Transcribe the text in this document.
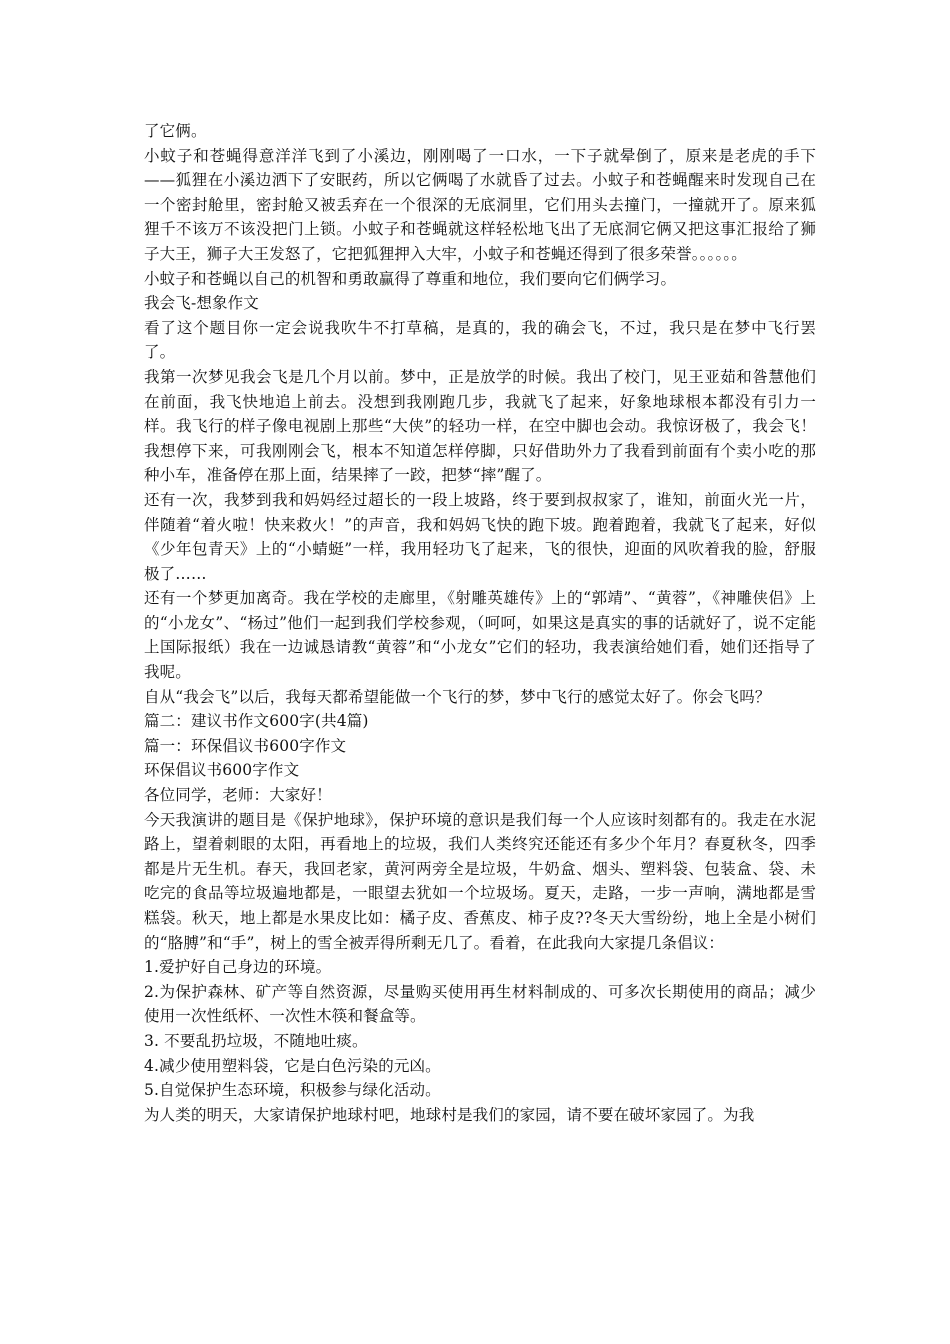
了它俩。

小蚊子和苍蝇得意洋洋飞到了小溪边，刚刚喝了一口水，一下子就晕倒了，原来是老虎的手下——狐狸在小溪边洒下了安眠药，所以它俩喝了水就昏了过去。小蚊子和苍蝇醒来时发现自己在一个密封舱里，密封舱又被丢弃在一个很深的无底洞里，它们用头去撞门，一撞就开了。原来狐狸千不该万不该没把门上锁。小蚊子和苍蝇就这样轻松地飞出了无底洞它俩又把这事汇报给了狮子大王，狮子大王发怒了，它把狐狸押入大牢，小蚊子和苍蝇还得到了很多荣誉。。。。。。

小蚊子和苍蝇以自己的机智和勇敢赢得了尊重和地位，我们要向它们俩学习。

我会飞-想象作文

看了这个题目你一定会说我吹牛不打草稿，是真的，我的确会飞，不过，我只是在梦中飞行罢了。

我第一次梦见我会飞是几个月以前。梦中，正是放学的时候。我出了校门，见王亚茹和昝慧他们在前面，我飞快地追上前去。没想到我刚跑几步，我就飞了起来，好象地球根本都没有引力一样。我飞行的样子像电视剧上那些“大侠”的轻功一样，在空中脚也会动。我惊讶极了，我会飞！我想停下来，可我刚刚会飞，根本不知道怎样停脚，只好借助外力了我看到前面有个卖小吃的那种小车，准备停在那上面，结果摔了一跤，把梦“摔”醒了。

还有一次，我梦到我和妈妈经过超长的一段上坡路，终于要到叔叔家了，谁知，前面火光一片，伴随着“着火啦！快来救火！”的声音，我和妈妈飞快的跑下坡。跑着跑着，我就飞了起来，好似《少年包青天》上的“小蜻蜓”一样，我用轻功飞了起来，飞的很快，迎面的风吹着我的脸，舒服极了……

还有一个梦更加离奇。我在学校的走廊里，《射雕英雄传》上的“郭靖”、“黄蓉”，《神雕侠侣》上的“小龙女”、“杨过”他们一起到我们学校参观，（呵呵，如果这是真实的事的话就好了，说不定能上国际报纸）我在一边诚恳请教“黄蓉”和“小龙女”它们的轻功，我表演给她们看，她们还指导了我呢。

自从“我会飞”以后，我每天都希望能做一个飞行的梦，梦中飞行的感觉太好了。你会飞吗？

篇二：建议书作文600字(共4篇)

篇一：环保倡议书600字作文

环保倡议书600字作文

各位同学，老师：大家好！

今天我演讲的题目是《保护地球》，保护环境的意识是我们每一个人应该时刻都有的。我走在水泥路上，望着刺眼的太阳，再看地上的垃圾，我们人类终究还能还有多少个年月？春夏秋冬，四季都是片无生机。春天，我回老家，黄河两旁全是垃圾，牛奶盒、烟头、塑料袋、包装盒、袋、未吃完的食品等垃圾遍地都是，一眼望去犹如一个垃圾场。夏天，走路，一步一声响，满地都是雪糕袋。秋天，地上都是水果皮比如：橘子皮、香蕉皮、柿子皮??冬天大雪纷纷，地上全是小树们的“胳膊”和“手”，树上的雪全被弄得所剩无几了。看着，在此我向大家提几条倡议：

1.爱护好自己身边的环境。

2.为保护森林、矿产等自然资源，尽量购买使用再生材料制成的、可多次长期使用的商品；减少使用一次性纸杯、一次性木筷和餐盒等。

3. 不要乱扔垃圾，不随地吐痰。

4.减少使用塑料袋，它是白色污染的元凶。

5.自觉保护生态环境，积极参与绿化活动。

为人类的明天，大家请保护地球村吧，地球村是我们的家园，请不要在破坏家园了。为我
